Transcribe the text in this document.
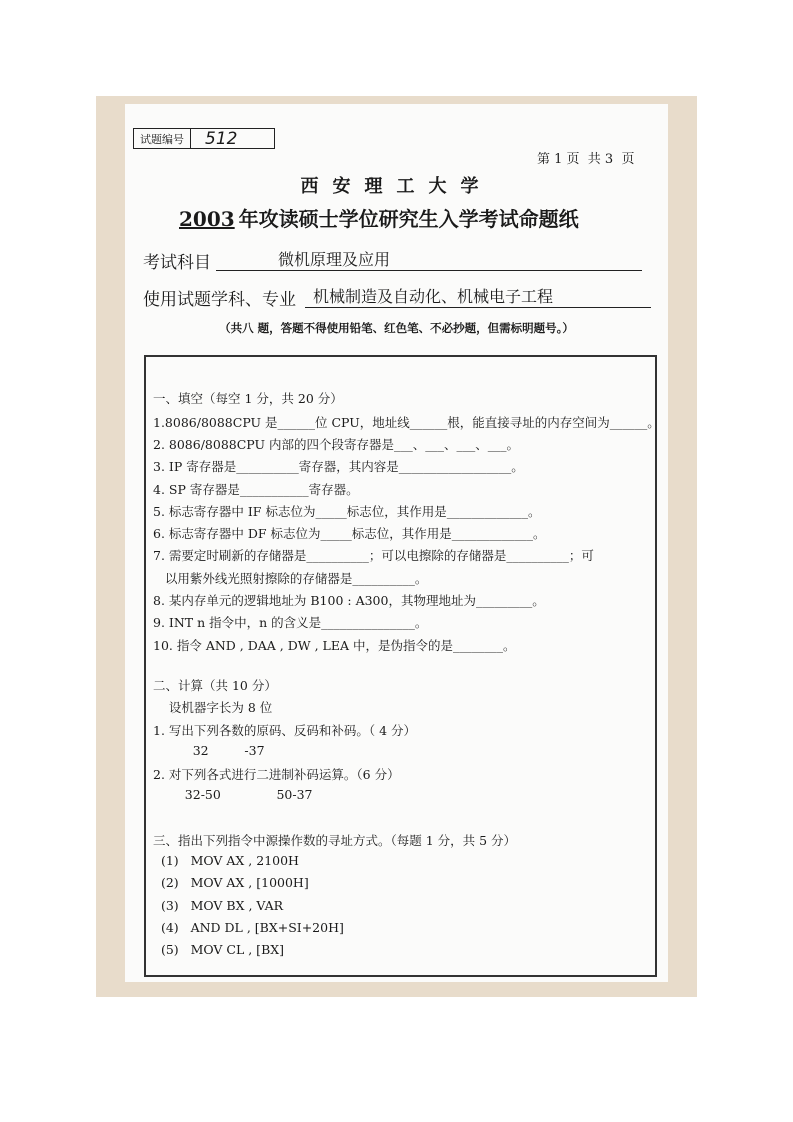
试题编号	512
第 1 页  共 3  页
西安理工大学
2003 年攻读硕士学位研究生入学考试命题纸
考试科目	微机原理及应用
使用试题学科、专业	机械制造及自动化、机械电子工程
（共八 题，答题不得使用铅笔、红色笔、不必抄题，但需标明题号。）
一、填空（每空 1 分，共 20 分）
1.8086/8088CPU 是______位 CPU，地址线______根，能直接寻址的内存空间为______。
2. 8086/8088CPU 内部的四个段寄存器是___、___、___、___。
3. IP 寄存器是__________寄存器，其内容是__________________。
4. SP 寄存器是___________寄存器。
5. 标志寄存器中 IF 标志位为_____标志位，其作用是_____________。
6. 标志寄存器中 DF 标志位为_____标志位，其作用是_____________。
7. 需要定时刷新的存储器是__________；可以电擦除的存储器是__________；可
以用紫外线光照射擦除的存储器是__________。
8. 某内存单元的逻辑地址为 B100 : A300，其物理地址为_________。
9. INT n 指令中，n 的含义是_______________。
10. 指令 AND , DAA , DW , LEA 中，是伪指令的是________。
二、计算（共 10 分）
设机器字长为 8 位
1. 写出下列各数的原码、反码和补码。（ 4 分）
32         -37
2. 对下列各式进行二进制补码运算。（6 分）
32-50              50-37
三、指出下列指令中源操作数的寻址方式。（每题 1 分，共 5 分）
(1)   MOV AX , 2100H
(2)   MOV AX , [1000H]
(3)   MOV BX , VAR
(4)   AND DL , [BX+SI+20H]
(5)   MOV CL , [BX]
